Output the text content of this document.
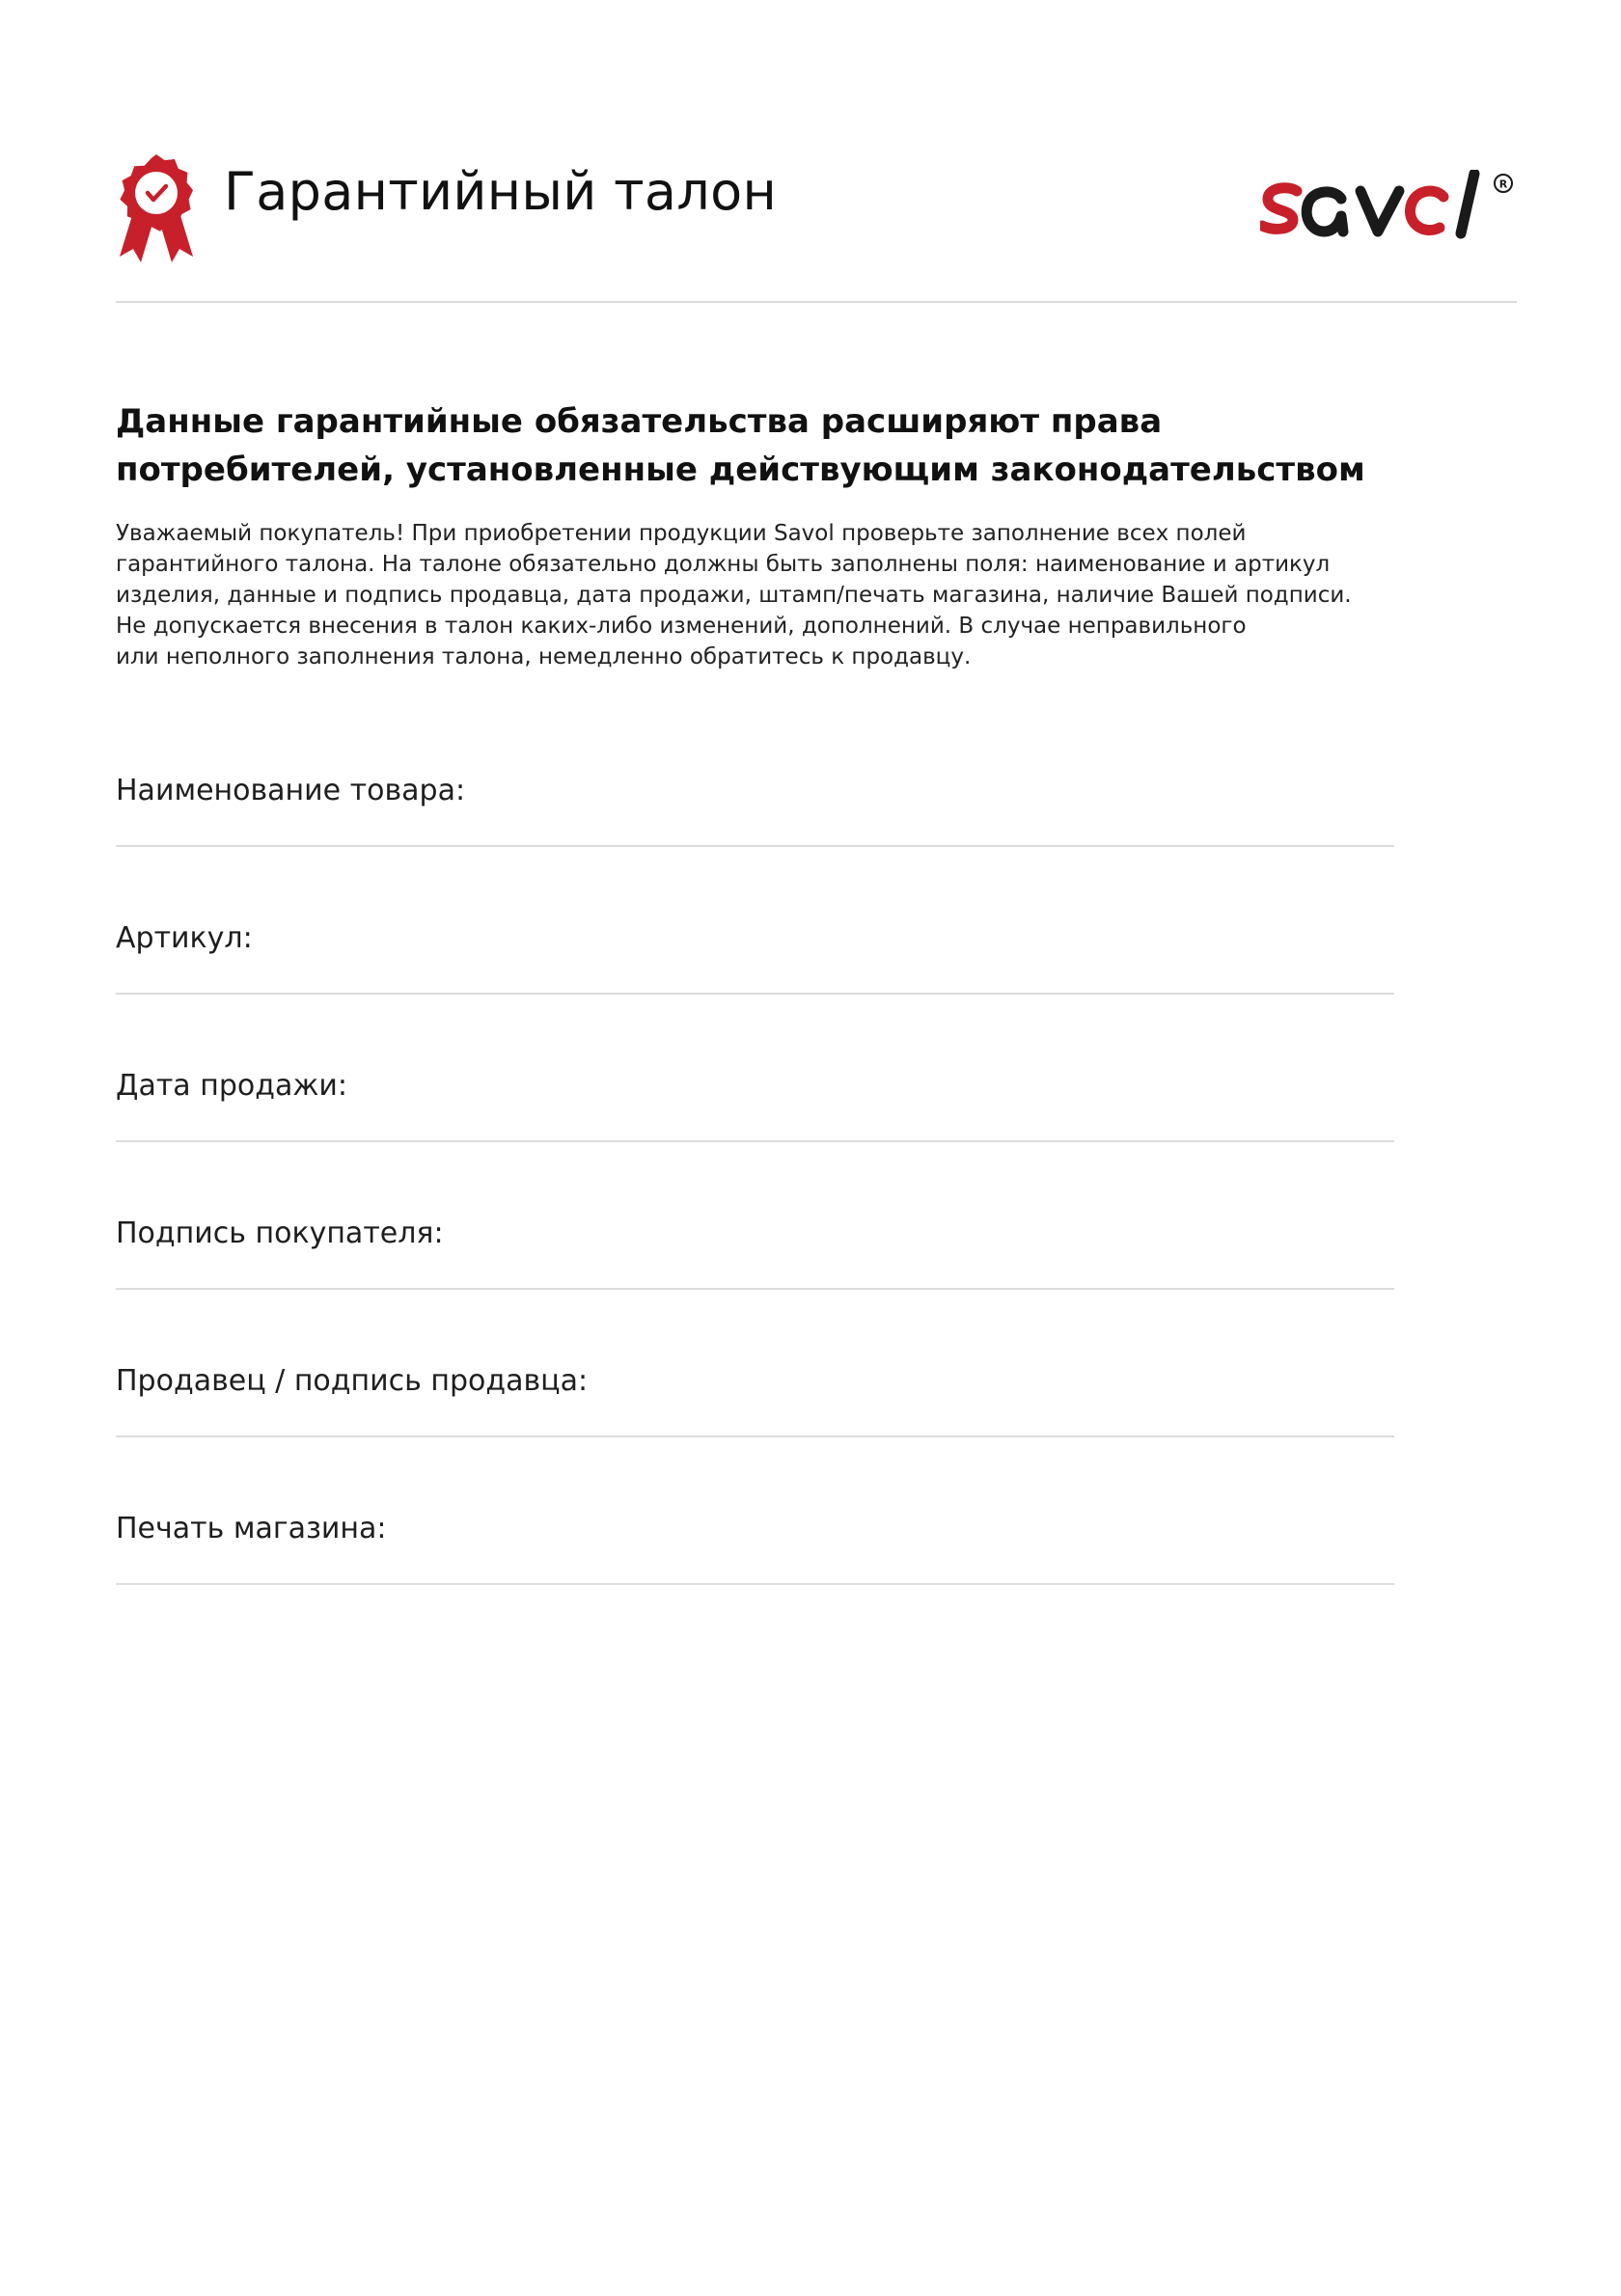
Гарантийный талон	R
Данные гарантийные обязательства расширяют права
потребителей, установленные действующим законодательством
Уважаемый покупатель! При приобретении продукции Savol проверьте заполнение всех полей
гарантийного талона. На талоне обязательно должны быть заполнены поля: наименование и артикул
изделия, данные и подпись продавца, дата продажи, штамп/печать магазина, наличие Вашей подписи.
Не допускается внесения в талон каких-либо изменений, дополнений. В случае неправильного
или неполного заполнения талона, немедленно обратитесь к продавцу.
Наименование товара:
Артикул:
Дата продажи:
Подпись покупателя:
Продавец / подпись продавца:
Печать магазина:
